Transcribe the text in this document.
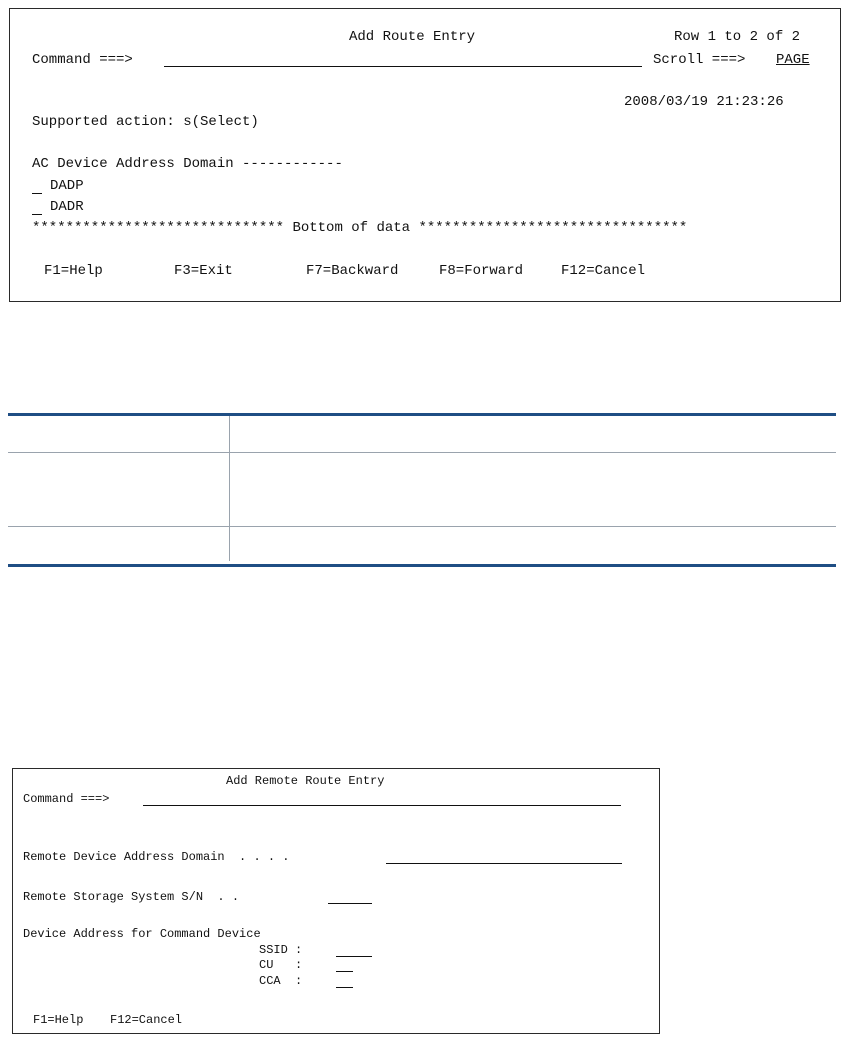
Add Route Entry	Row 1 to 2 of 2
Command ===>	Scroll ===> PAGE
2008/03/19 21:23:26
Supported action: s(Select)
AC Device Address Domain ------------
DADP
DADR
****************************** Bottom of data ********************************
F1=Help	F3=Exit	F7=Backward	F8=Forward	F12=Cancel

Add Remote Route Entry
Command ===>
Remote Device Address Domain  . . . .
Remote Storage System S/N  . .
Device Address for Command Device
SSID :
CU   :
CCA  :
F1=Help F12=Cancel
